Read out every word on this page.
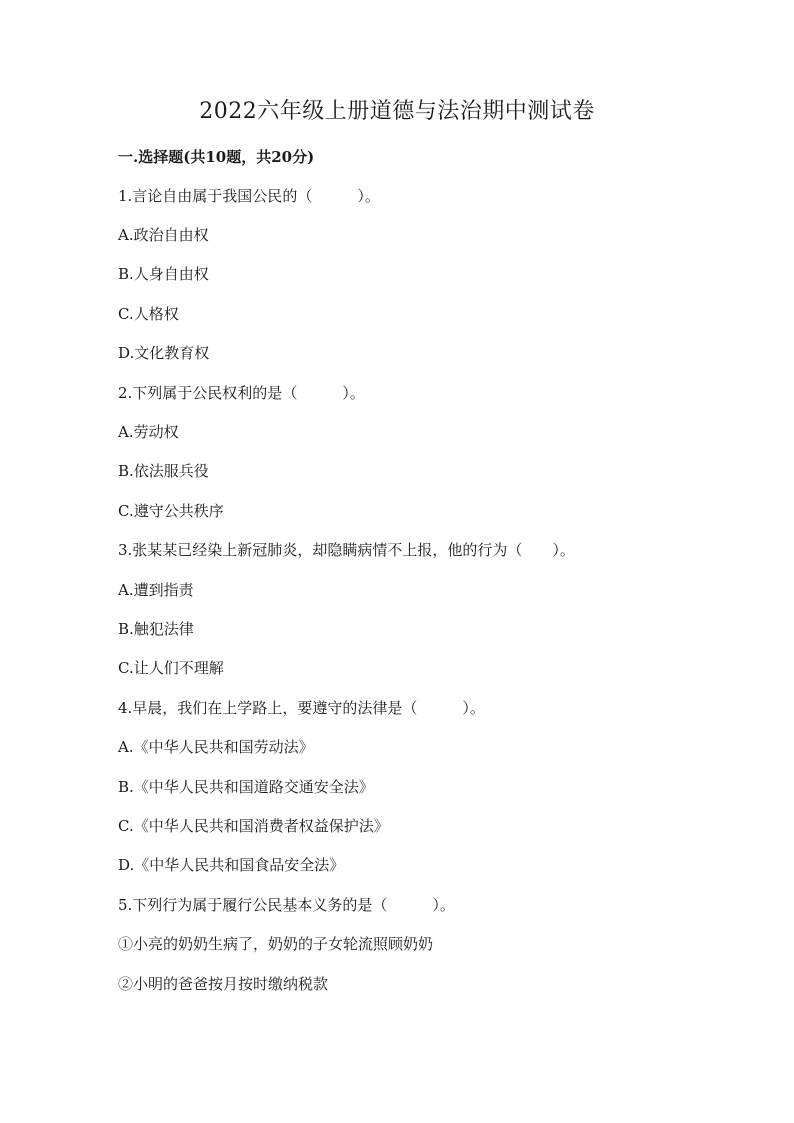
2022六年级上册道德与法治期中测试卷
一.选择题(共10题，共20分)
1.言论自由属于我国公民的（　　　）。
A.政治自由权
B.人身自由权
C.人格权
D.文化教育权
2.下列属于公民权利的是（　　　）。
A.劳动权
B.依法服兵役
C.遵守公共秩序
3.张某某已经染上新冠肺炎，却隐瞒病情不上报，他的行为（　　）。
A.遭到指责
B.触犯法律
C.让人们不理解
4.早晨，我们在上学路上，要遵守的法律是（　　　）。
A.《中华人民共和国劳动法》
B.《中华人民共和国道路交通安全法》
C.《中华人民共和国消费者权益保护法》
D.《中华人民共和国食品安全法》
5.下列行为属于履行公民基本义务的是（　　　）。
①小亮的奶奶生病了，奶奶的子女轮流照顾奶奶
②小明的爸爸按月按时缴纳税款
